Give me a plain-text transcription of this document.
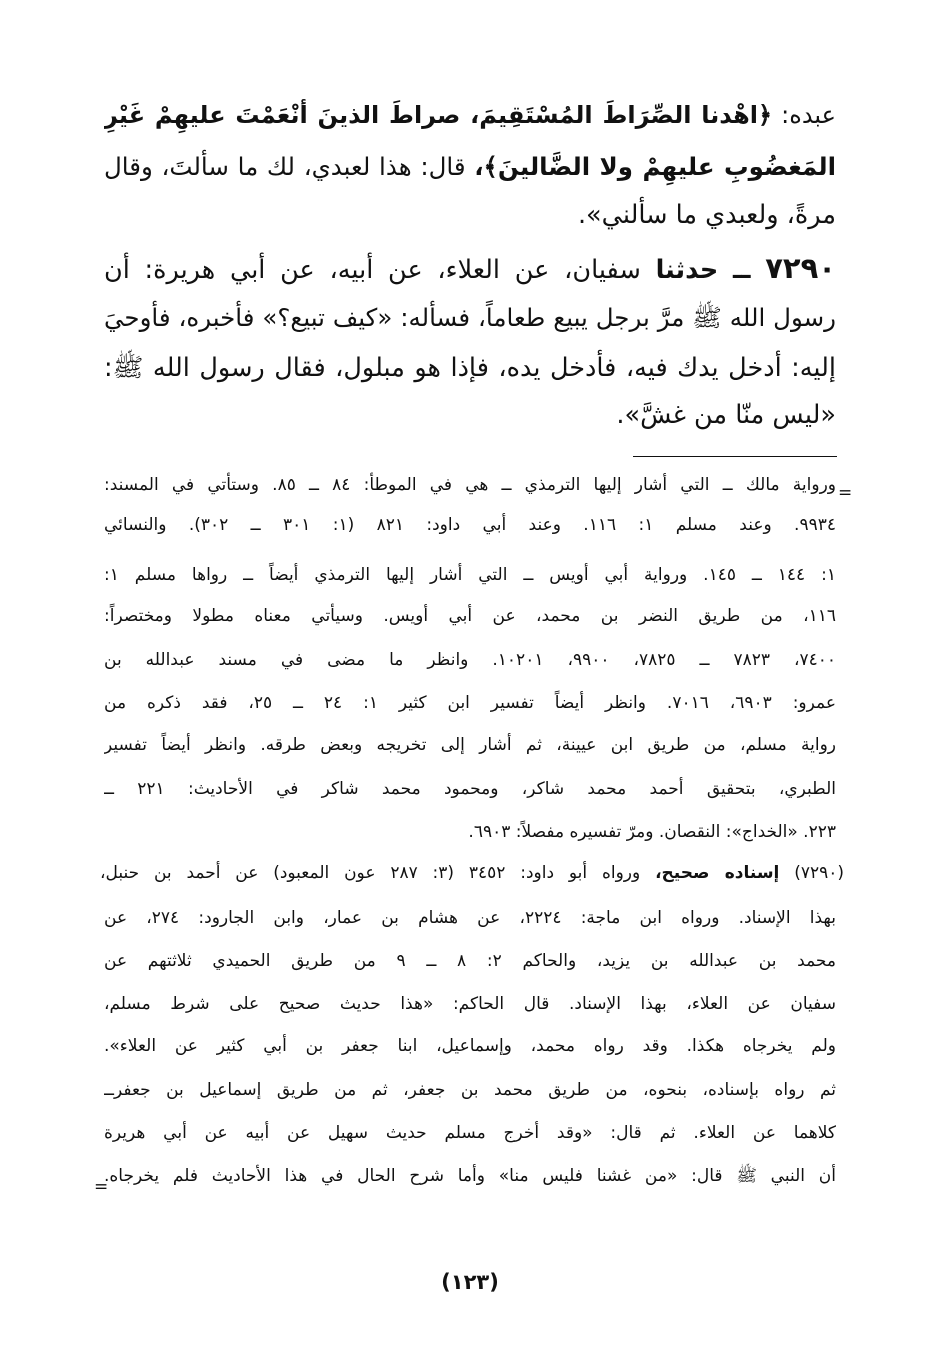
عبده: ﴿اهْدنا الصِّرَاطَ المُسْتَقِيمَ، صراطَ الذينَ أنْعَمْتَ عليهِمْ غَيْرِ
المَغضُوبِ عليهِمْ ولا الضَّالينَ﴾، قال: هذا لعبدي، لك ما سألتَ، وقال
مرةً، ولعبدي ما سألني».
٧٢٩٠ ــ حدثنا سفيان، عن العلاء، عن أبيه، عن أبي هريرة: أن
رسول الله ﷺ مرَّ برجل يبيع طعاماً، فسأله: «كيف تبيع؟» فأخبره، فأوحيَ
إليه: أدخل يدك فيه، فأدخل يده، فإذا هو مبلول، فقال رسول الله ﷺ:
«ليس منّا من غشَّ».
=
ورواية مالك ــ التي أشار إليها الترمذي ــ هي في الموطأ: ٨٤ ــ ٨٥. وستأتي في المسند:
٩٩٣٤. وعند مسلم ١: ١١٦. وعند أبي داود: ٨٢١ (١: ٣٠١ ــ ٣٠٢). والنسائي
١: ١٤٤ ــ ١٤٥. ورواية أبي أويس ــ التي أشار إليها الترمذي أيضاً ــ رواها مسلم ١:
١١٦، من طريق النضر بن محمد، عن أبي أويس. وسيأتي معناه مطولا ومختصراً:
٧٤٠٠، ٧٨٢٣ ــ ٧٨٢٥، ٩٩٠٠، ١٠٢٠١. وانظر ما مضى في مسند عبدالله بن
عمرو: ٦٩٠٣، ٧٠١٦. وانظر أيضاً تفسير ابن كثير ١: ٢٤ ــ ٢٥، فقد ذكره من
رواية مسلم، من طريق ابن عيينة، ثم أشار إلى تخريجه وبعض طرقه. وانظر أيضاً تفسير
الطبري، بتحقيق أحمد محمد شاكر، ومحمود محمد شاكر في الأحاديث: ٢٢١ ــ
٢٢٣. «الخداج»: النقصان. ومرّ تفسيره مفصلاً: ٦٩٠٣.
(٧٢٩٠) إسناده صحيح، ورواه أبو داود: ٣٤٥٢ (٣: ٢٨٧ عون المعبود) عن أحمد بن حنبل،
بهذا الإسناد. ورواه ابن ماجة: ٢٢٢٤، عن هشام بن عمار، وابن الجارود: ٢٧٤، عن
محمد بن عبدالله بن يزيد، والحاكم ٢: ٨ ــ ٩ من طريق الحميدي ثلاثتهم عن
سفيان عن العلاء، بهذا الإسناد. قال الحاكم: «هذا حديث صحيح على شرط مسلم،
ولم يخرجاه هكذا. وقد رواه محمد، وإسماعيل، ابنا جعفر بن أبي كثير عن العلاء».
ثم رواه بإسناده، بنحوه، من طريق محمد بن جعفر، ثم من طريق إسماعيل بن جعفرــ
كلاهما عن العلاء. ثم قال: «وقد أخرج مسلم حديث سهيل عن أبيه عن أبي هريرة
أن النبي ﷺ قال: «من غشنا فليس منا» وأما شرح الحال في هذا الأحاديث فلم يخرجاه.
=
(١٢٣)
